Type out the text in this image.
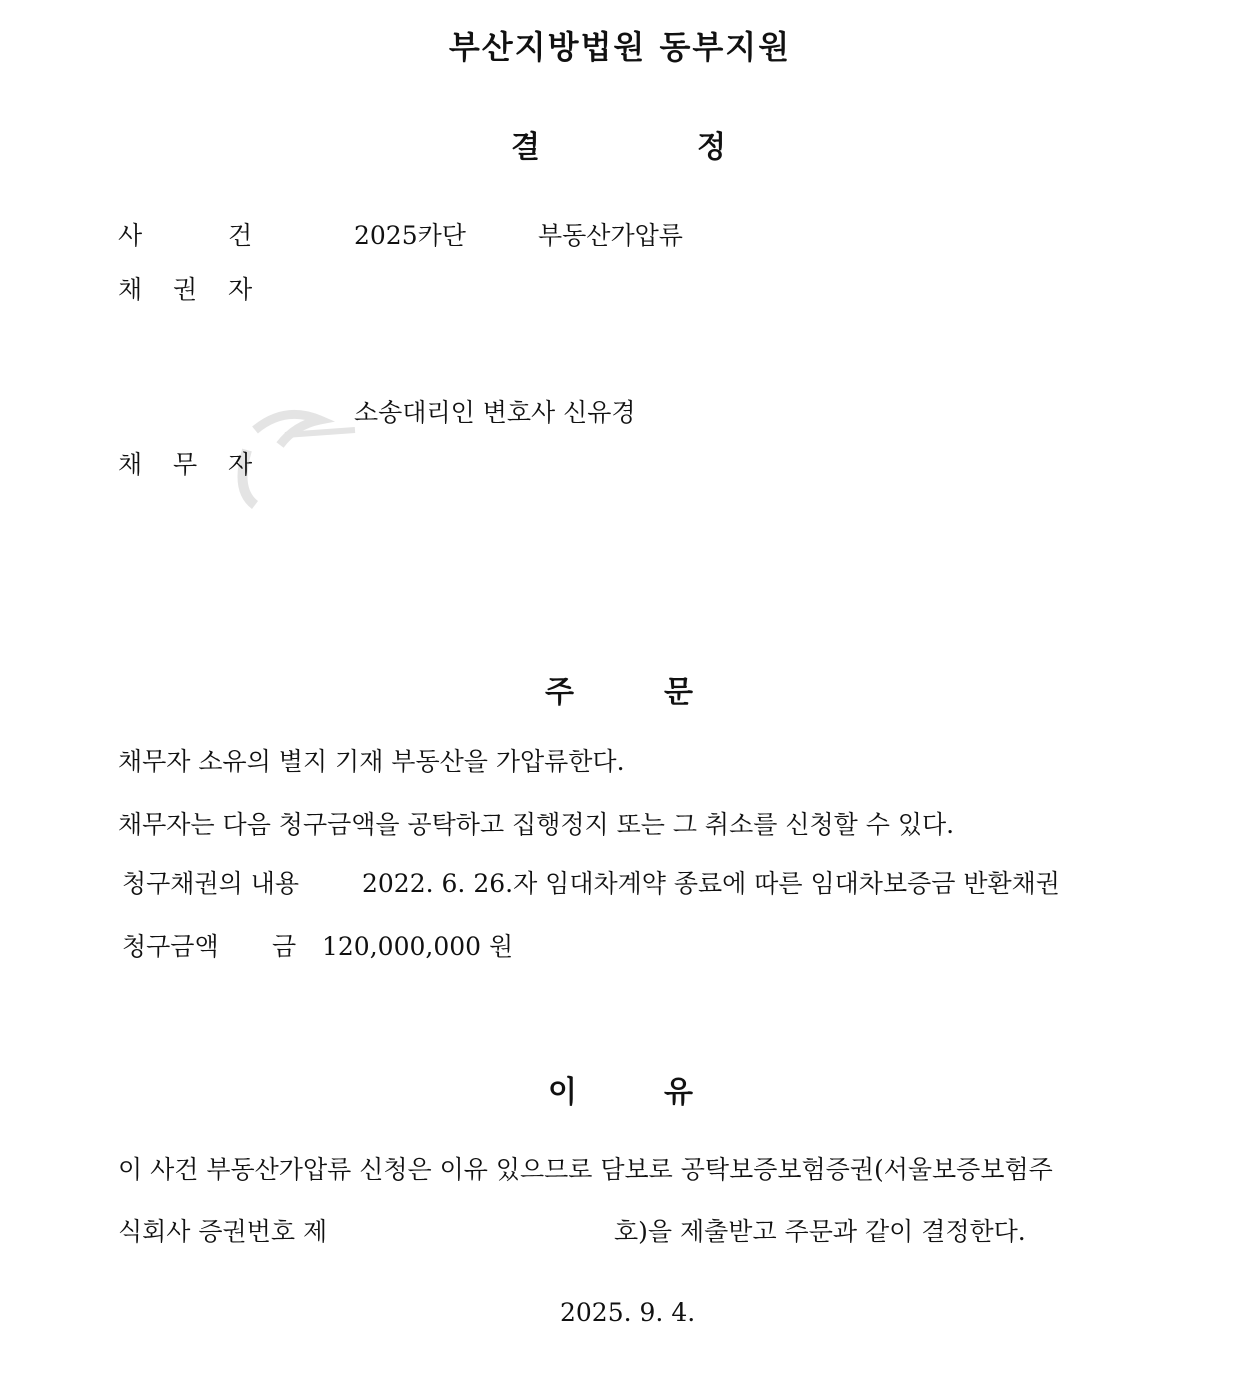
부산지방법원 동부지원
결	정
사	건	2025카단	부동산가압류
채 권 자
소송대리인 변호사 신유경
채 무 자
주	문
채무자 소유의 별지 기재 부동산을 가압류한다.
채무자는 다음 청구금액을 공탁하고 집행정지 또는 그 취소를 신청할 수 있다.
청구채권의 내용	2022. 6. 26.자 임대차계약 종료에 따른 임대차보증금 반환채권
청구금액 금 120,000,000 원
이	유
이 사건 부동산가압류 신청은 이유 있으므로 담보로 공탁보증보험증권(서울보증보험주
식회사 증권번호 제	호)을 제출받고 주문과 같이 결정한다.
2025. 9. 4.
